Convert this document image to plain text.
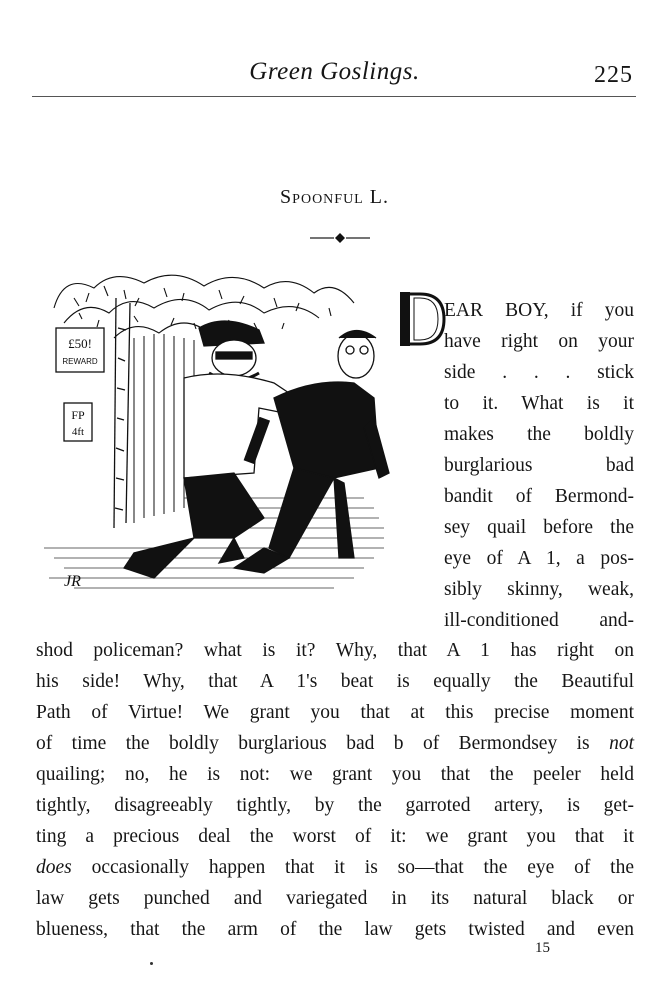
Green Goslings.	225
Spoonful L.
£50!
REWARD
FP
4ft
JR
D
EAR BOY, if you
have right on your
side . . . stick
to it. What is it
makes the boldly
burglarious bad
bandit of Bermond-
sey quail before the
eye of A 1, a pos-
sibly skinny, weak,
ill-conditioned and-
shod policeman? what is it? Why, that A 1 has right on
his side! Why, that A 1's beat is equally the Beautiful
Path of Virtue! We grant you that at this precise moment
of time the boldly burglarious bad b of Bermondsey is not
quailing; no, he is not: we grant you that the peeler held
tightly, disagreeably tightly, by the garroted artery, is get-
ting a precious deal the worst of it: we grant you that it
does occasionally happen that it is so—that the eye of the
law gets punched and variegated in its natural black or
blueness, that the arm of the law gets twisted and even
15
